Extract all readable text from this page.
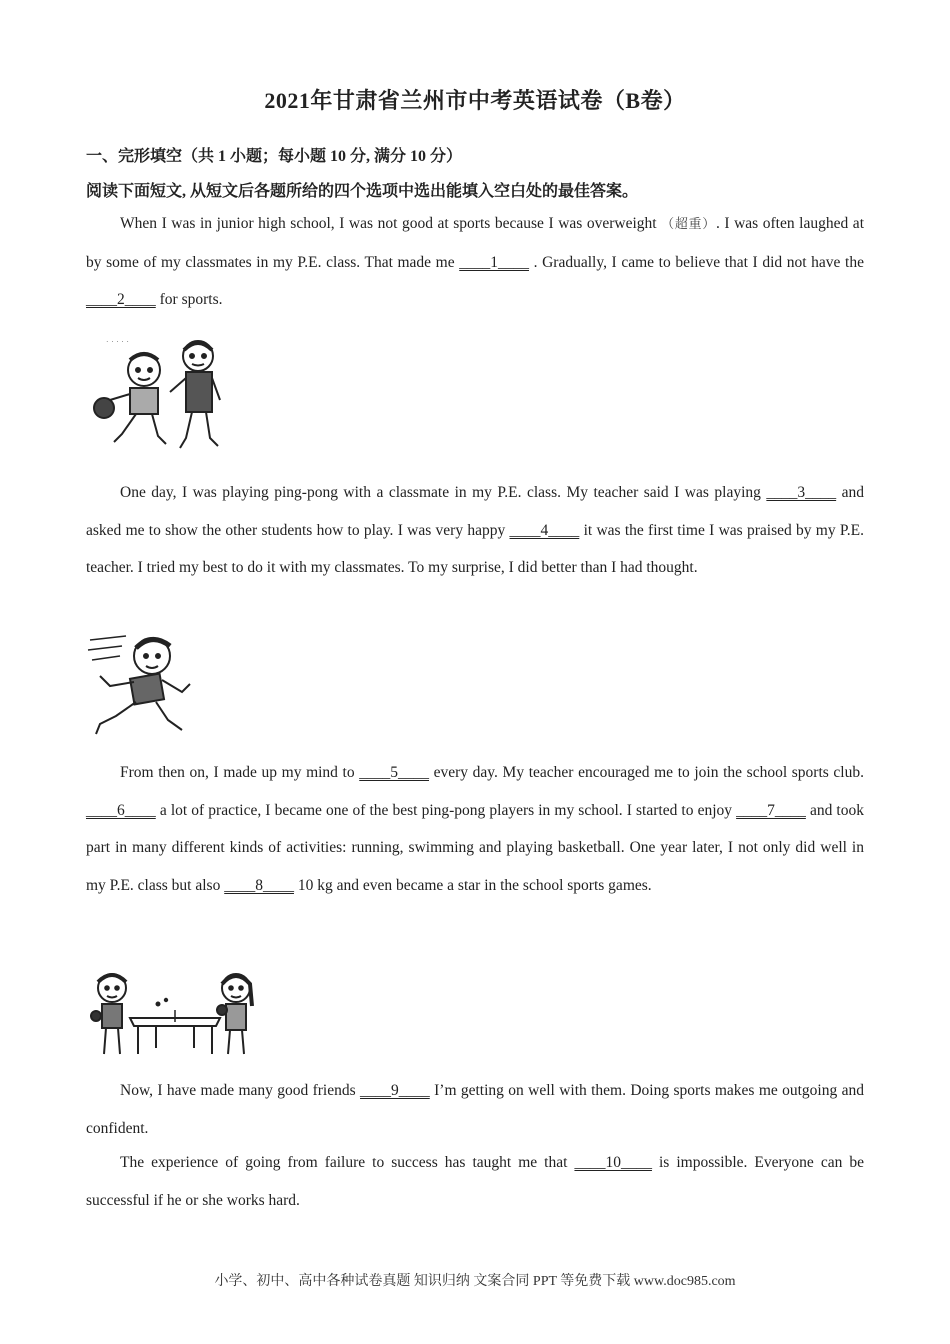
2021年甘肃省兰州市中考英语试卷（B卷）
一、完形填空（共 1 小题；每小题 10 分, 满分 10 分）
阅读下面短文, 从短文后各题所给的四个选项中选出能填入空白处的最佳答案。
When I was in junior high school, I was not good at sports because I was overweight （超重）. I was often laughed at by some of my classmates in my P.E. class. That made me ____1____ . Gradually, I came to believe that I did not have the ____2____ for sports.
. . . . .
One day, I was playing ping-pong with a classmate in my P.E. class. My teacher said I was playing ____3____ and asked me to show the other students how to play. I was very happy ____4____ it was the first time I was praised by my P.E. teacher. I tried my best to do it with my classmates. To my surprise, I did better than I had thought.
From then on, I made up my mind to ____5____ every day. My teacher encouraged me to join the school sports club. ____6____ a lot of practice, I became one of the best ping-pong players in my school. I started to enjoy ____7____ and took part in many different kinds of activities: running, swimming and playing basketball. One year later, I not only did well in my P.E. class but also ____8____ 10 kg and even became a star in the school sports games.
Now, I have made many good friends ____9____ I’m getting on well with them. Doing sports makes me outgoing and confident.
The experience of going from failure to success has taught me that ____10____ is impossible. Everyone can be successful if he or she works hard.
小学、初中、高中各种试卷真题 知识归纳 文案合同 PPT 等免费下载 www.doc985.com
